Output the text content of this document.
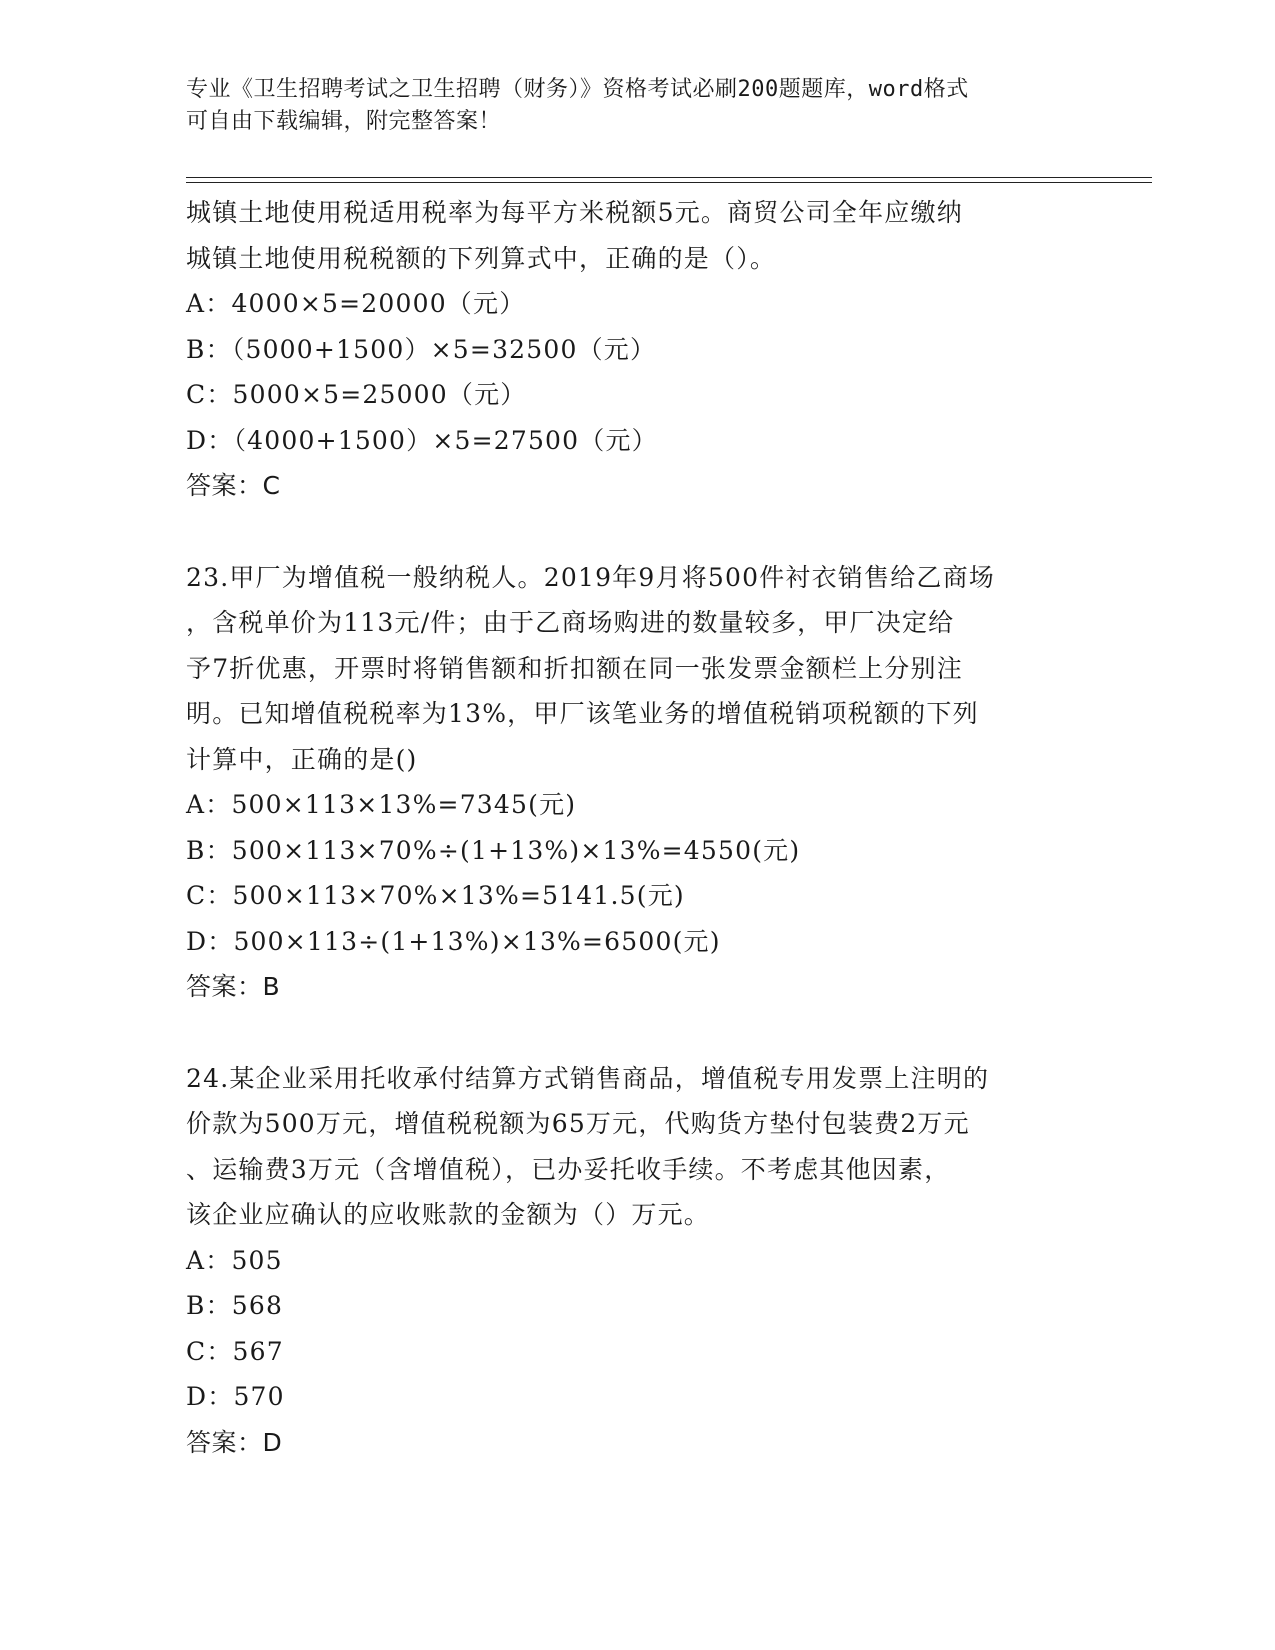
专业《卫生招聘考试之卫生招聘（财务）》资格考试必刷200题题库，word格式

可自由下载编辑，附完整答案！

城镇土地使用税适用税率为每平方米税额5元。商贸公司全年应缴纳
城镇土地使用税税额的下列算式中，正确的是（）。
A：4000×5=20000（元）
B：（5000+1500）×5=32500（元）
C：5000×5=25000（元）
D：（4000+1500）×5=27500（元）
答案：C
23.甲厂为增值税一般纳税人。2019年9月将500件衬衣销售给乙商场
，含税单价为113元/件；由于乙商场购进的数量较多，甲厂决定给
予7折优惠，开票时将销售额和折扣额在同一张发票金额栏上分别注
明。已知增值税税率为13%，甲厂该笔业务的增值税销项税额的下列
计算中，正确的是()
A：500×113×13%=7345(元)
B：500×113×70%÷(1+13%)×13%=4550(元)
C：500×113×70%×13%=5141.5(元)
D：500×113÷(1+13%)×13%=6500(元)
答案：B
24.某企业采用托收承付结算方式销售商品，增值税专用发票上注明的
价款为500万元，增值税税额为65万元，代购货方垫付包装费2万元
、运输费3万元（含增值税），已办妥托收手续。不考虑其他因素，
该企业应确认的应收账款的金额为（）万元。
A：505
B：568
C：567
D：570
答案：D
